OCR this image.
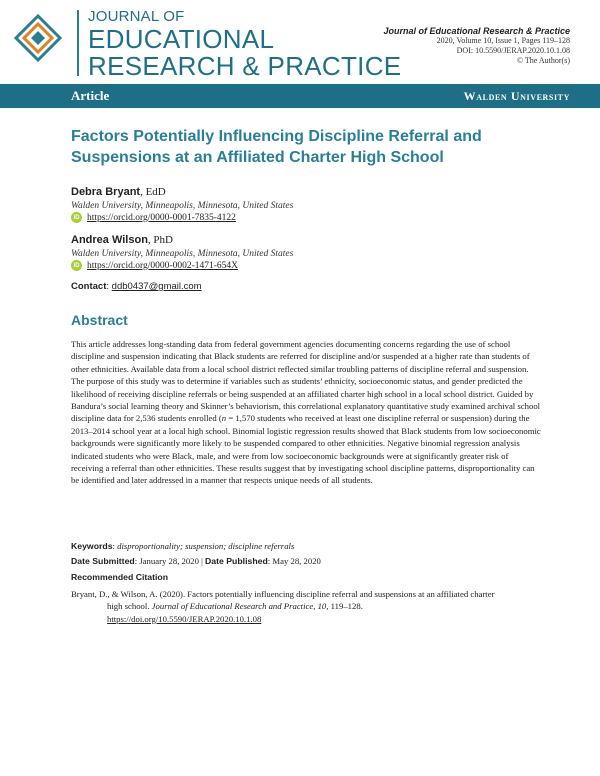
JOURNAL OF
EDUCATIONAL
RESEARCH & PRACTICE
Journal of Educational Research & Practice
2020, Volume 10, Issue 1, Pages 119–128
DOI: 10.5590/JERAP.2020.10.1.08
© The Author(s)
Article	Walden University
Factors Potentially Influencing Discipline Referral and Suspensions at an Affiliated Charter High School
Debra Bryant, EdD
Walden University, Minneapolis, Minnesota, United States
iD https://orcid.org/0000-0001-7835-4122
Andrea Wilson, PhD
Walden University, Minneapolis, Minnesota, United States
iD https://orcid.org/0000-0002-1471-654X
Contact: ddb0437@gmail.com
Abstract
This article addresses long-standing data from federal government agencies documenting concerns regarding the use of school discipline and suspension indicating that Black students are referred for discipline and/or suspended at a higher rate than students of other ethnicities. Available data from a local school district reflected similar troubling patterns of discipline referral and suspension. The purpose of this study was to determine if variables such as students’ ethnicity, socioeconomic status, and gender predicted the likelihood of receiving discipline referrals or being suspended at an affiliated charter high school in a local school district. Guided by Bandura’s social learning theory and Skinner’s behaviorism, this correlational explanatory quantitative study examined archival school discipline data for 2,536 students enrolled (n = 1,570 students who received at least one discipline referral or suspension) during the 2013–2014 school year at a local high school. Binomial logistic regression results showed that Black students from low socioeconomic backgrounds were significantly more likely to be suspended compared to other ethnicities. Negative binomial regression analysis indicated students who were Black, male, and were from low socioeconomic backgrounds were at significantly greater risk of receiving a referral than other ethnicities. These results suggest that by investigating school discipline patterns, disproportionality can be identified and later addressed in a manner that respects unique needs of all students.
Keywords: disproportionality; suspension; discipline referrals
Date Submitted: January 28, 2020 | Date Published: May 28, 2020
Recommended Citation
Bryant, D., & Wilson, A. (2020). Factors potentially influencing discipline referral and suspensions at an affiliated charter
high school. Journal of Educational Research and Practice, 10, 119–128.
https://doi.org/10.5590/JERAP.2020.10.1.08
